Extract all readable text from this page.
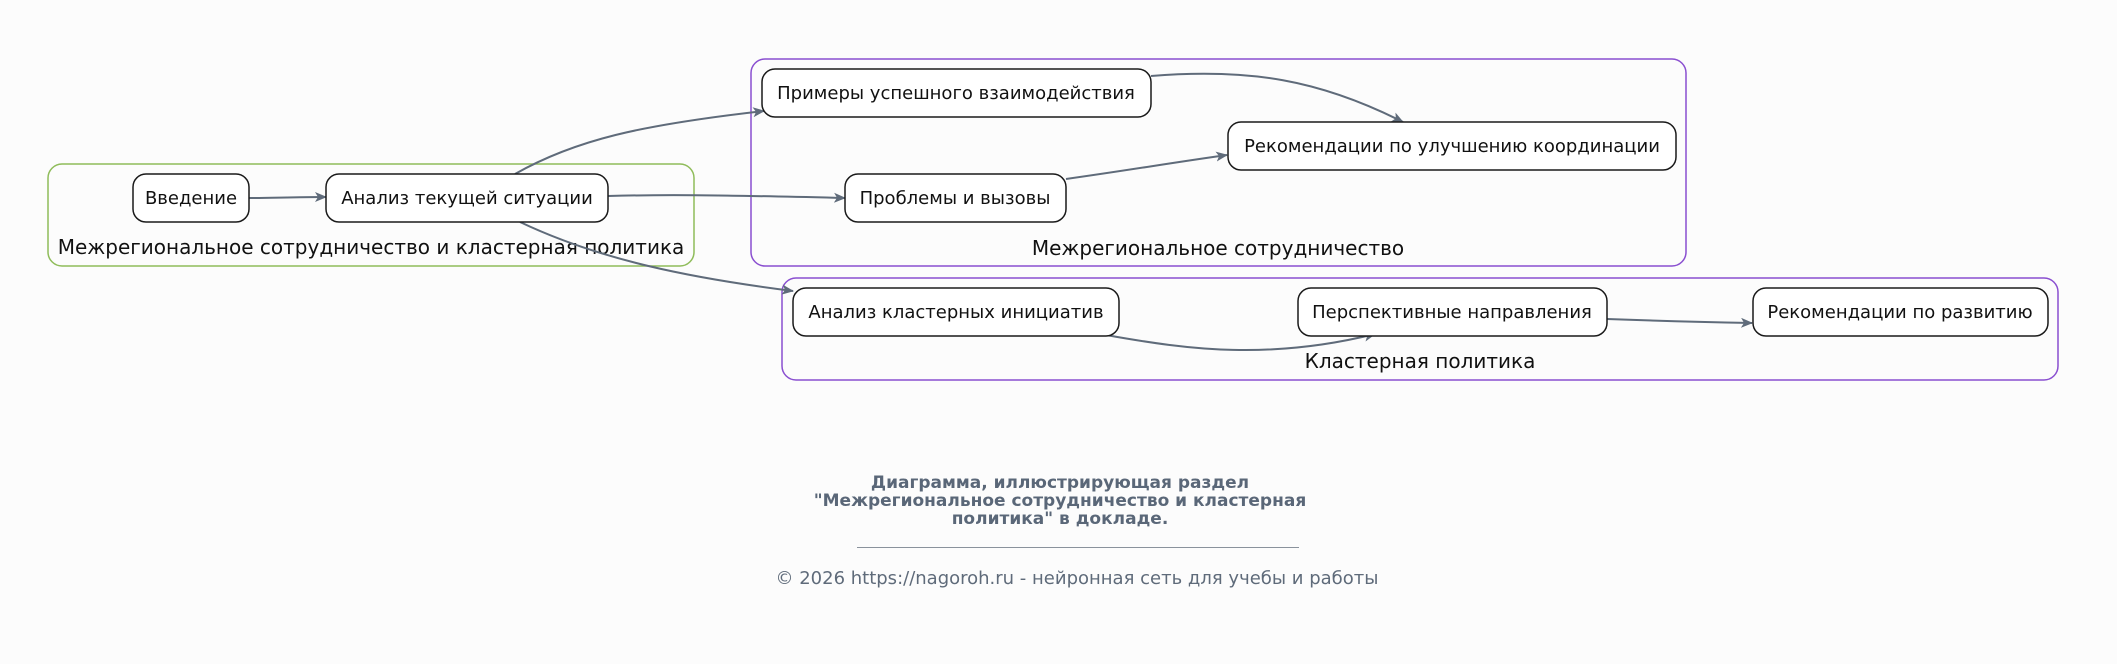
Межрегиональное сотрудничество и кластерная политика	Межрегиональное сотрудничество
Кластерная политика
Введение	Анализ текущей ситуации
Примеры успешного взаимодействия
Рекомендации по улучшению координации
Проблемы и вызовы
Анализ кластерных инициатив	Перспективные направления	Рекомендации по развитию
Диаграмма, иллюстрирующая раздел
"Межрегиональное сотрудничество и кластерная
политика" в докладе.
© 2026 https://nagoroh.ru - нейронная сеть для учебы и работы
